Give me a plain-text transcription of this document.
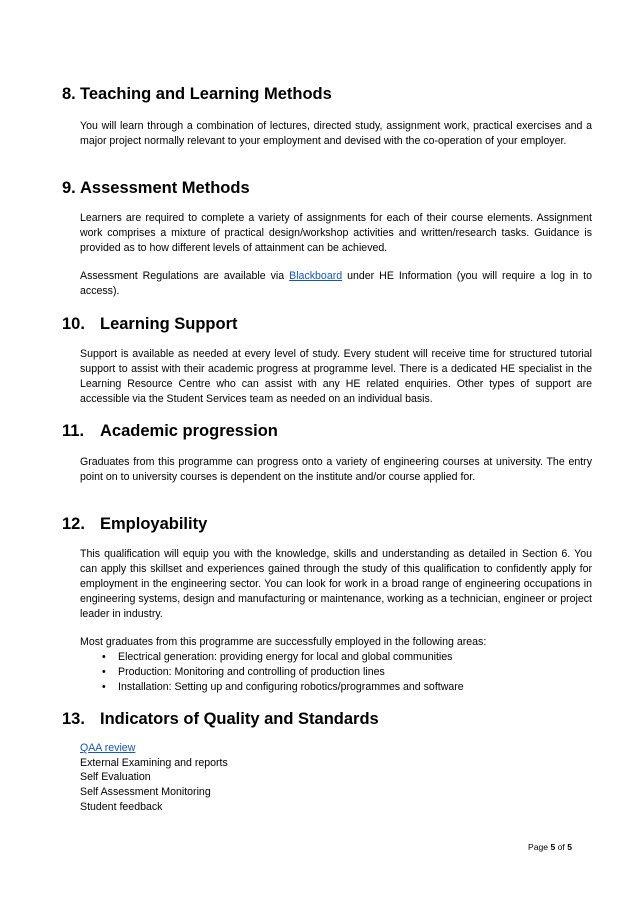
8. Teaching and Learning Methods

You will learn through a combination of lectures, directed study, assignment work, practical exercises and a major project normally relevant to your employment and devised with the co-operation of your employer.

9. Assessment Methods

Learners are required to complete a variety of assignments for each of their course elements. Assignment work comprises a mixture of practical design/workshop activities and written/research tasks. Guidance is provided as to how different levels of attainment can be achieved.

Assessment Regulations are available via Blackboard under HE Information (you will require a log in to access).

10. Learning Support

Support is available as needed at every level of study. Every student will receive time for structured tutorial support to assist with their academic progress at programme level. There is a dedicated HE specialist in the Learning Resource Centre who can assist with any HE related enquiries. Other types of support are accessible via the Student Services team as needed on an individual basis.

11. Academic progression

Graduates from this programme can progress onto a variety of engineering courses at university. The entry point on to university courses is dependent on the institute and/or course applied for.

12. Employability

This qualification will equip you with the knowledge, skills and understanding as detailed in Section 6. You can apply this skillset and experiences gained through the study of this qualification to confidently apply for employment in the engineering sector. You can look for work in a broad range of engineering occupations in engineering systems, design and manufacturing or maintenance, working as a technician, engineer or project leader in industry.

Most graduates from this programme are successfully employed in the following areas:

• Electrical generation: providing energy for local and global communities
• Production: Monitoring and controlling of production lines
• Installation: Setting up and configuring robotics/programmes and software
13. Indicators of Quality and Standards
QAA review
External Examining and reports
Self Evaluation
Self Assessment Monitoring
Student feedback
Page 5 of 5
